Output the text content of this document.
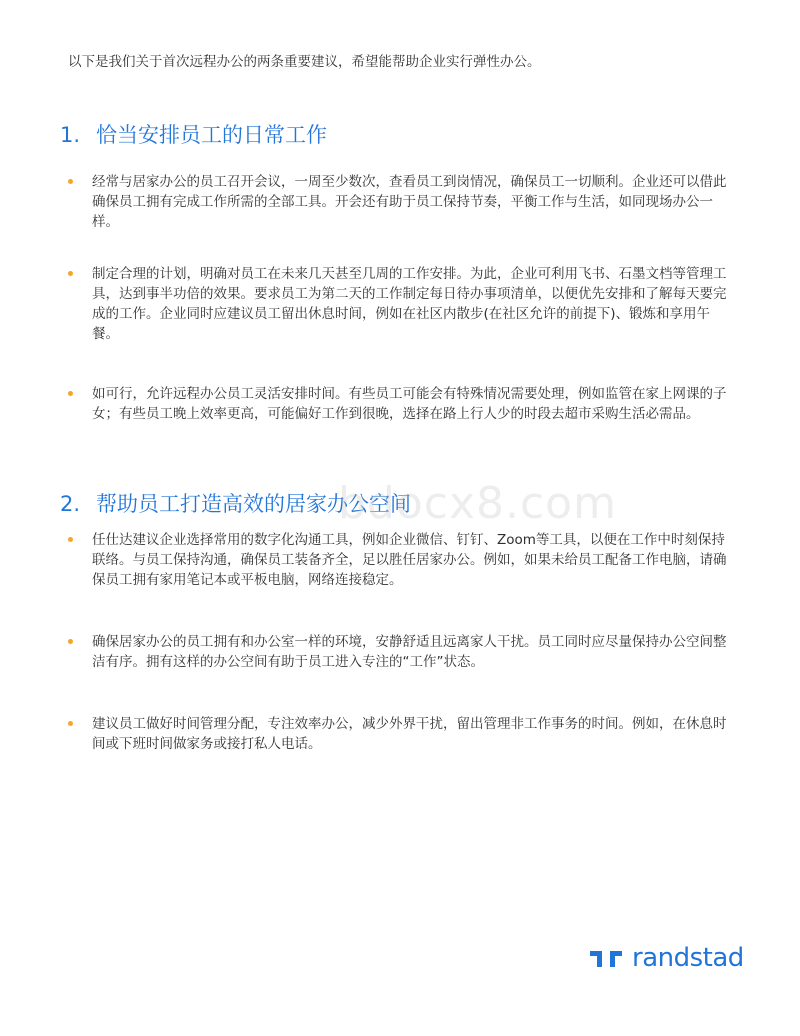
以下是我们关于首次远程办公的两条重要建议，希望能帮助企业实行弹性办公。
1. 恰当安排员工的日常工作
经常与居家办公的员工召开会议，一周至少数次，查看员工到岗情况，确保员工一切顺利。企业还可以借此确保员工拥有完成工作所需的全部工具。开会还有助于员工保持节奏，平衡工作与生活，如同现场办公一样。
制定合理的计划，明确对员工在未来几天甚至几周的工作安排。为此，企业可利用飞书、石墨文档等管理工具，达到事半功倍的效果。要求员工为第二天的工作制定每日待办事项清单，以便优先安排和了解每天要完成的工作。企业同时应建议员工留出休息时间，例如在社区内散步(在社区允许的前提下)、锻炼和享用午餐。
如可行，允许远程办公员工灵活安排时间。有些员工可能会有特殊情况需要处理，例如监管在家上网课的子女；有些员工晚上效率更高，可能偏好工作到很晚，选择在路上行人少的时段去超市采购生活必需品。
2. 帮助员工打造高效的居家办公空间
bdocx8.com
任仕达建议企业选择常用的数字化沟通工具，例如企业微信、钉钉、Zoom等工具，以便在工作中时刻保持联络。与员工保持沟通，确保员工装备齐全，足以胜任居家办公。例如，如果未给员工配备工作电脑，请确保员工拥有家用笔记本或平板电脑，网络连接稳定。
确保居家办公的员工拥有和办公室一样的环境，安静舒适且远离家人干扰。员工同时应尽量保持办公空间整洁有序。拥有这样的办公空间有助于员工进入专注的“工作”状态。
建议员工做好时间管理分配，专注效率办公，减少外界干扰，留出管理非工作事务的时间。例如，在休息时间或下班时间做家务或接打私人电话。
randstad
